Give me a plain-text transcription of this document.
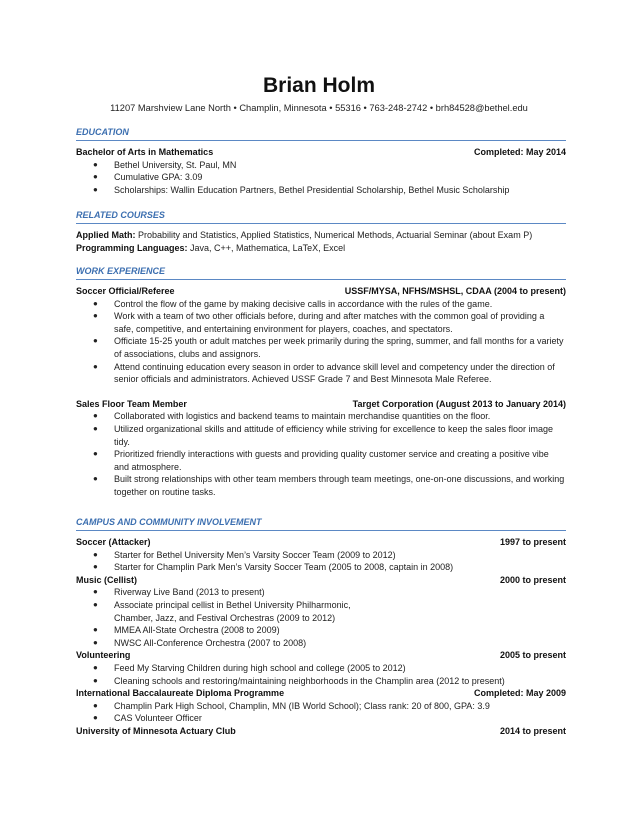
Brian Holm
11207 Marshview Lane North • Champlin, Minnesota • 55316 • 763-248-2742 • brh84528@bethel.edu
EDUCATION
Bachelor of Arts in Mathematics	Completed: May 2014
● Bethel University, St. Paul, MN
● Cumulative GPA: 3.09
● Scholarships: Wallin Education Partners, Bethel Presidential Scholarship, Bethel Music Scholarship
RELATED COURSES
Applied Math: Probability and Statistics, Applied Statistics, Numerical Methods, Actuarial Seminar (about Exam P)
Programming Languages: Java, C++, Mathematica, LaTeX, Excel
WORK EXPERIENCE
Soccer Official/Referee	USSF/MYSA, NFHS/MSHSL, CDAA (2004 to present)
● Control the flow of the game by making decisive calls in accordance with the rules of the game.
● Work with a team of two other officials before, during and after matches with the common goal of providing a safe, competitive, and entertaining environment for players, coaches, and spectators.
● Officiate 15-25 youth or adult matches per week primarily during the spring, summer, and fall months for a variety of associations, clubs and assignors.
● Attend continuing education every season in order to advance skill level and competency under the direction of senior officials and administrators. Achieved USSF Grade 7 and Best Minnesota Male Referee.
Sales Floor Team Member	Target Corporation (August 2013 to January 2014)
● Collaborated with logistics and backend teams to maintain merchandise quantities on the floor.
● Utilized organizational skills and attitude of efficiency while striving for excellence to keep the sales floor image tidy.
● Prioritized friendly interactions with guests and providing quality customer service and creating a positive vibe and atmosphere.
● Built strong relationships with other team members through team meetings, one-on-one discussions, and working together on routine tasks.
CAMPUS AND COMMUNITY INVOLVEMENT
Soccer (Attacker)	1997 to present
● Starter for Bethel University Men’s Varsity Soccer Team (2009 to 2012)
● Starter for Champlin Park Men’s Varsity Soccer Team (2005 to 2008, captain in 2008)
Music (Cellist)	2000 to present
● Riverway Live Band (2013 to present)
● Associate principal cellist in Bethel University Philharmonic, Chamber, Jazz, and Festival Orchestras (2009 to 2012)
● MMEA All-State Orchestra (2008 to 2009)
● NWSC All-Conference Orchestra (2007 to 2008)
Volunteering	2005 to present
● Feed My Starving Children during high school and college (2005 to 2012)
● Cleaning schools and restoring/maintaining neighborhoods in the Champlin area (2012 to present)
International Baccalaureate Diploma Programme	Completed: May 2009
● Champlin Park High School, Champlin, MN (IB World School); Class rank: 20 of 800, GPA: 3.9
● CAS Volunteer Officer
University of Minnesota Actuary Club	2014 to present
